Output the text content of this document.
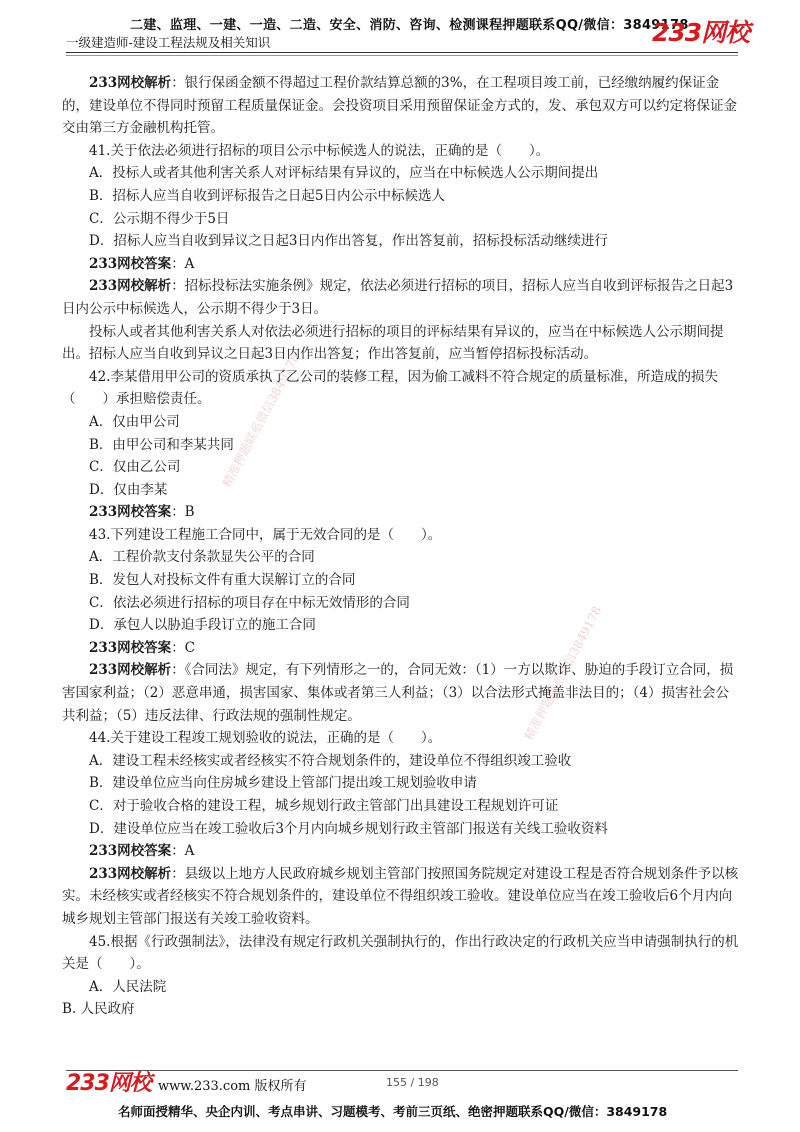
二建、监理、一建、一造、二造、安全、消防、咨询、检测课程押题联系QQ/微信：3849178
一级建造师-建设工程法规及相关知识	233网校
精准押题联系微信3849178
精准押题联系微信3849178

233网校解析：银行保函金额不得超过工程价款结算总额的3%，在工程项目竣工前，已经缴纳履约保证金的，建设单位不得同时预留工程质量保证金。会投资项目采用预留保证金方式的，发、承包双方可以约定将保证金交由第三方金融机构托管。

41.关于依法必须进行招标的项目公示中标候选人的说法，正确的是（　　）。

A．投标人或者其他利害关系人对评标结果有异议的，应当在中标候选人公示期间提出

B．招标人应当自收到评标报告之日起5日内公示中标候选人

C．公示期不得少于5日

D．招标人应当自收到异议之日起3日内作出答复，作出答复前，招标投标活动继续进行

233网校答案：A

233网校解析：招标投标法实施条例》规定，依法必须进行招标的项目，招标人应当自收到评标报告之日起3日内公示中标候选人，公示期不得少于3日。

投标人或者其他利害关系人对依法必须进行招标的项目的评标结果有异议的，应当在中标候选人公示期间提出。招标人应当自收到异议之日起3日内作出答复；作出答复前，应当暂停招标投标活动。

42.李某借用甲公司的资质承执了乙公司的装修工程，因为偷工减料不符合规定的质量标准，所造成的损失（　　）承担赔偿责任。

A．仅由甲公司

B．由甲公司和李某共同

C．仅由乙公司

D．仅由李某

233网校答案：B

43.下列建设工程施工合同中，属于无效合同的是（　　）。

A．工程价款支付条款显失公平的合同

B．发包人对投标文件有重大误解订立的合同

C．依法必须进行招标的项目存在中标无效情形的合同

D．承包人以胁迫手段订立的施工合同

233网校答案：C

233网校解析：《合同法》规定，有下列情形之一的，合同无效：（1）一方以欺诈、胁迫的手段订立合同，损害国家利益；（2）恶意串通，损害国家、集体或者第三人利益；（3）以合法形式掩盖非法目的；（4）损害社会公共利益；（5）违反法律、行政法规的强制性规定。

44.关于建设工程竣工规划验收的说法，正确的是（　　）。

A．建设工程未经核实或者经核实不符合规划条件的，建设单位不得组织竣工验收

B．建设单位应当向住房城乡建设上管部门提出竣工规划验收申请

C．对于验收合格的建设工程，城乡规划行政主管部门出具建设工程规划许可证

D．建设单位应当在竣工验收后3个月内向城乡规划行政主管部门报送有关线工验收资料

233网校答案：A

233网校解析：县级以上地方人民政府城乡规划主管部门按照国务院规定对建设工程是否符合规划条件予以核实。未经核实或者经核实不符合规划条件的，建设单位不得组织竣工验收。建设单位应当在竣工验收后6个月内向城乡规划主管部门报送有关竣工验收资料。

45.根据《行政强制法》，法律没有规定行政机关强制执行的，作出行政决定的行政机关应当申请强制执行的机关是（　　）。

A．人民法院

B. 人民政府

233网校 www.233.com 版权所有	155 / 198
名师面授精华、央企内训、考点串讲、习题模考、考前三页纸、绝密押题联系QQ/微信：3849178
